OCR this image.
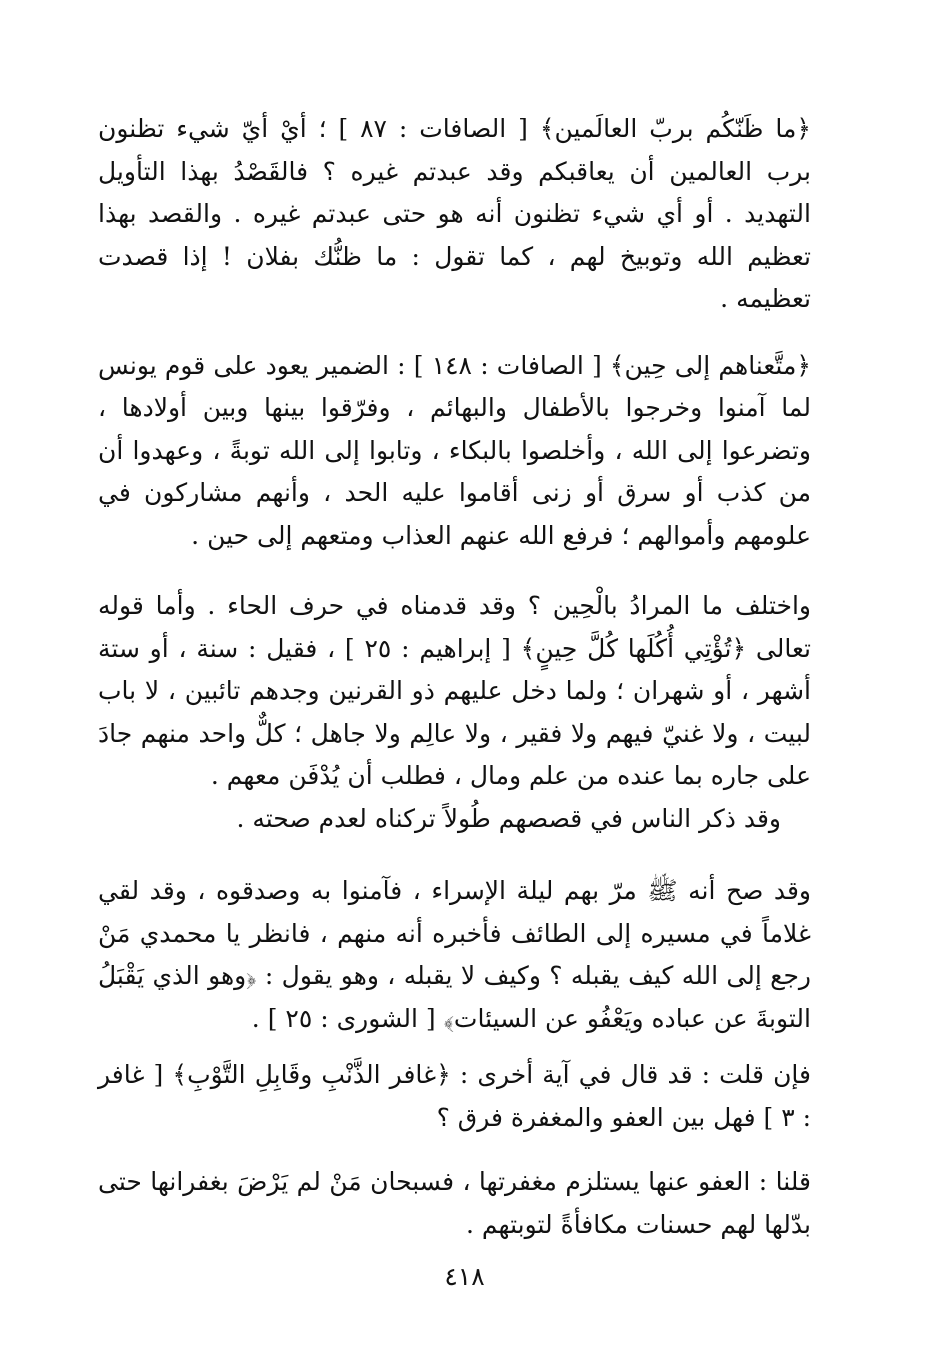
﴿ما ظَنّكُم بربّ العالَمين﴾ [ الصافات : ٨٧ ] ؛ أيْ أيّ شيء تظنون برب العالمين أن يعاقبكم وقد عبدتم غيره ؟ فالقَصْدُ بهذا التأويل التهديد . أو أي شيء تظنون أنه هو حتى عبدتم غيره . والقصد بهذا تعظيم الله وتوبيخ لهم ، كما تقول : ما ظنُّك بفلان ! إذا قصدت تعظيمه .

﴿متَّعناهم إلى حِين﴾ [ الصافات : ١٤٨ ] : الضمير يعود على قوم يونس لما آمنوا وخرجوا بالأطفال والبهائم ، وفرّقوا بينها وبين أولادها ، وتضرعوا إلى الله ، وأخلصوا بالبكاء ، وتابوا إلى الله توبةً ، وعهدوا أن من كذب أو سرق أو زنى أقاموا عليه الحد ، وأنهم مشاركون في علومهم وأموالهم ؛ فرفع الله عنهم العذاب ومتعهم إلى حين .

واختلف ما المرادُ بالْحِين ؟ وقد قدمناه في حرف الحاء . وأما قوله تعالى ﴿تُؤْتِي أُكُلَها كُلَّ حِينٍ﴾ [ إبراهيم : ٢٥ ] ، فقيل : سنة ، أو ستة أشهر ، أو شهران ؛ ولما دخل عليهم ذو القرنين وجدهم تائبين ، لا باب لبيت ، ولا غنيّ فيهم ولا فقير ، ولا عالِم ولا جاهل ؛ كلٌّ واحد منهم جادَ على جاره بما عنده من علم ومال ، فطلب أن يُدْفَن معهم .

وقد ذكر الناس في قصصهم طُولاً تركناه لعدم صحته .

وقد صح أنه ﷺ مرّ بهم ليلة الإسراء ، فآمنوا به وصدقوه ، وقد لقي غلاماً في مسيره إلى الطائف فأخبره أنه منهم ، فانظر يا محمدي مَنْ رجع إلى الله كيف يقبله ؟ وكيف لا يقبله ، وهو يقول : ﴿وهو الذي يَقْبَلُ التوبةَ عن عباده ويَعْفُو عن السيئات﴾ [ الشورى : ٢٥ ] .

فإن قلت : قد قال في آية أخرى : ﴿غافر الذَّنْبِ وقَابِلِ التَّوْبِ﴾ [ غافر : ٣ ] فهل بين العفو والمغفرة فرق ؟

قلنا : العفو عنها يستلزم مغفرتها ، فسبحان مَنْ لم يَرْضَ بغفرانها حتى بدّلها لهم حسنات مكافأةً لتوبتهم .

٤١٨
